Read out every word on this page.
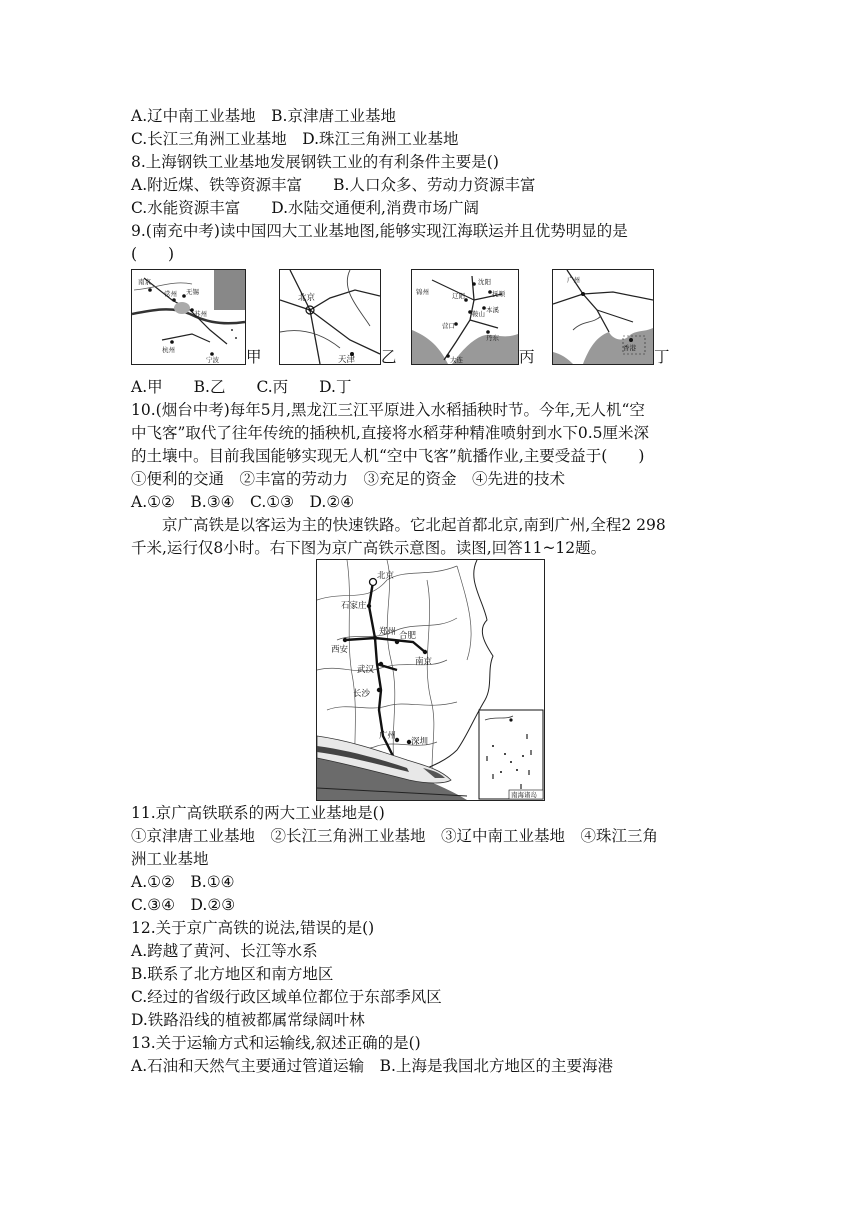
A.辽中南工业基地　B.京津唐工业基地
C.长江三角洲工业基地　D.珠江三角洲工业基地
8.上海钢铁工业基地发展钢铁工业的有利条件主要是()
A.附近煤、铁等资源丰富　　B.人口众多、劳动力资源丰富
C.水能资源丰富　　D.水陆交通便利,消费市场广阔
9.(南充中考)读中国四大工业基地图,能够实现江海联运并且优势明显的是
(　　)
南京
常州 无锡
苏州
杭州
宁波 甲
北京
天津 乙
沈阳
抚顺
辽阳
鞍山 本溪
营口
丹东
大连
锦州
丙
广州
香港 丁
A.甲　　B.乙　　C.丙　　D.丁
10.(烟台中考)每年5月,黑龙江三江平原进入水稻插秧时节。今年,无人机“空
中飞客”取代了往年传统的插秧机,直接将水稻芽种精准喷射到水下0.5厘米深
的土壤中。目前我国能够实现无人机“空中飞客”航播作业,主要受益于(　　)
①便利的交通　②丰富的劳动力　③充足的资金　④先进的技术
A.①②　B.③④　C.①③　D.②④
　　京广高铁是以客运为主的快速铁路。它北起首都北京,南到广州,全程2 298
千米,运行仅8小时。右下图为京广高铁示意图。读图,回答11~12题。
北京
石家庄
郑州
西安
合肥
南京
武汉
长沙
广州
深圳
南海诸岛
11.京广高铁联系的两大工业基地是()
①京津唐工业基地　②长江三角洲工业基地　③辽中南工业基地　④珠江三角
洲工业基地
A.①②　B.①④
C.③④　D.②③
12.关于京广高铁的说法,错误的是()
A.跨越了黄河、长江等水系
B.联系了北方地区和南方地区
C.经过的省级行政区域单位都位于东部季风区
D.铁路沿线的植被都属常绿阔叶林
13.关于运输方式和运输线,叙述正确的是()
A.石油和天然气主要通过管道运输　B.上海是我国北方地区的主要海港
